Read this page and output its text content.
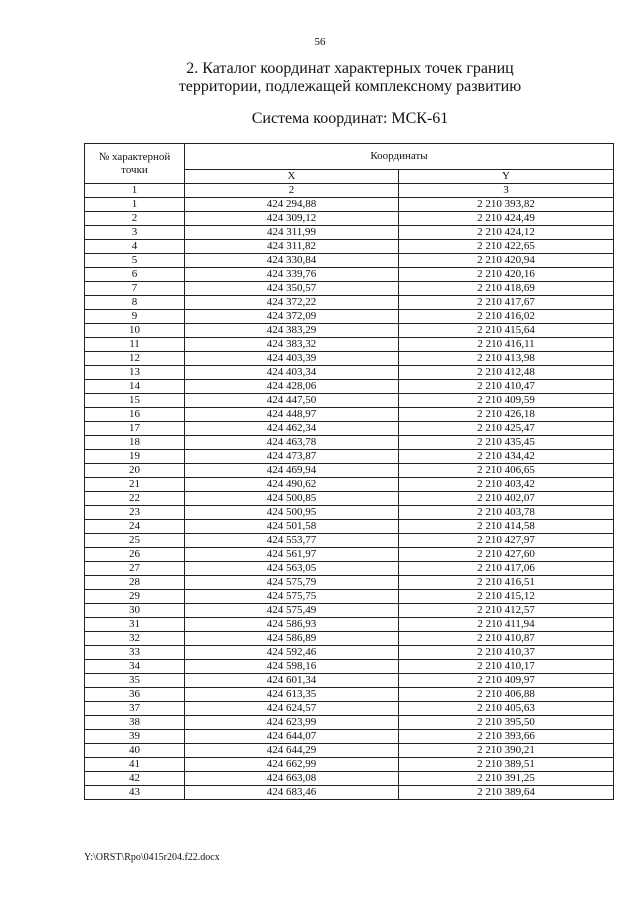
56
2. Каталог координат характерных точек границ
территории, подлежащей комплексному развитию
Система координат: МСК-61
№ характерной точки	Координаты	
	X	Y
1	2	3
1	424 294,88	2 210 393,82
2	424 309,12	2 210 424,49
3	424 311,99	2 210 424,12
4	424 311,82	2 210 422,65
5	424 330,84	2 210 420,94
6	424 339,76	2 210 420,16
7	424 350,57	2 210 418,69
8	424 372,22	2 210 417,67
9	424 372,09	2 210 416,02
10	424 383,29	2 210 415,64
11	424 383,32	2 210 416,11
12	424 403,39	2 210 413,98
13	424 403,34	2 210 412,48
14	424 428,06	2 210 410,47
15	424 447,50	2 210 409,59
16	424 448,97	2 210 426,18
17	424 462,34	2 210 425,47
18	424 463,78	2 210 435,45
19	424 473,87	2 210 434,42
20	424 469,94	2 210 406,65
21	424 490,62	2 210 403,42
22	424 500,85	2 210 402,07
23	424 500,95	2 210 403,78
24	424 501,58	2 210 414,58
25	424 553,77	2 210 427,97
26	424 561,97	2 210 427,60
27	424 563,05	2 210 417,06
28	424 575,79	2 210 416,51
29	424 575,75	2 210 415,12
30	424 575,49	2 210 412,57
31	424 586,93	2 210 411,94
32	424 586,89	2 210 410,87
33	424 592,46	2 210 410,37
34	424 598,16	2 210 410,17
35	424 601,34	2 210 409,97
36	424 613,35	2 210 406,88
37	424 624,57	2 210 405,63
38	424 623,99	2 210 395,50
39	424 644,07	2 210 393,66
40	424 644,29	2 210 390,21
41	424 662,99	2 210 389,51
42	424 663,08	2 210 391,25
43	424 683,46	2 210 389,64
Y:\ORST\Rpo\0415r204.f22.docx
